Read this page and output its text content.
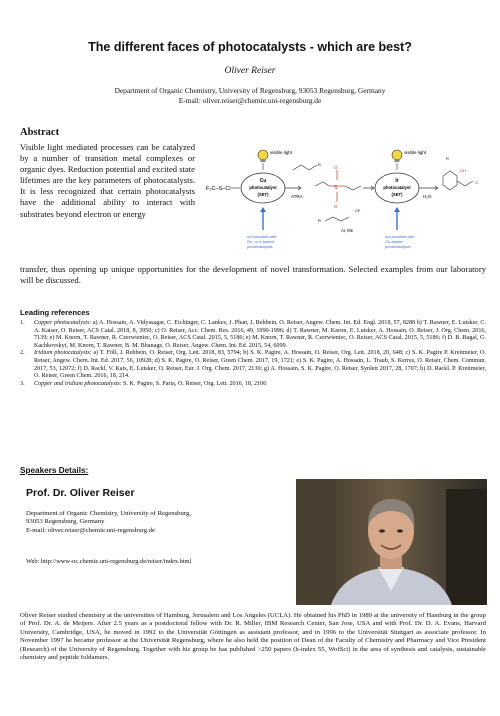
The different faces of photocatalysts - which are best?
Oliver Reiser
Department of Organic Chemistry, University of Regensburg, 93053 Regensburg, Germany
E-mail: oliver.reiser@chemie.uni-regensburg.de
Abstract
Visible light mediated processes can be catalyzed by a number of transition metal complexes or organic dyes. Reduction potential and excited state lifetimes are the key parameters of photocatalysts. It is less recognized that certain photocatalysts have the additional ability to interact with substrates beyond electron or energy
visible light	visible light
F₃C–S–Cl
Cu
photocatalyst
(SET)
R
ATRA
S
O
O
CF
R
Ar, Me
Ir
photocatalyst
(SET)	H₂O
OH
O
R
not possible with
Ru- or Ir-based
photocatalysts
not possible with
Cu-based
photocatalysts
transfer, thus opening up unique opportunities for the development of novel transformation. Selected examples from our laboratory will be discussed.
Leading references
1. Copper photocatalysts: a) A. Hossain, A. Vidyasagar, C. Eichinger, C. Lankes, J. Phan, J. Rehbein, O. Reiser, Angew. Chem. Int. Ed. Engl. 2018, 57, 8288 b) T. Rawner, E. Lutsker, C. A. Kaiser, O. Reiser, ACS Catal. 2018, 8, 3950; c) O. Reiser, Acc. Chem. Res. 2016, 49, 1990-1996; d) T. Rawner, M. Knorn, E. Lutsker, A. Hossain, O. Reiser, J. Org. Chem. 2016, 7139; e) M. Knorn, T. Rawner, R. Czerwieniec, O. Reiser, ACS Catal. 2015, 5, 5186; e) M. Knorn, T. Rawner, R. Czerwieniec, O. Reiser, ACS Catal. 2015, 5, 5186; f) D. B. Bagal, G. Kachkovskyi, M. Knorn, T. Rawner, B. M. Bhanage, O. Reiser, Angew. Chem. Int. Ed. 2015, 54, 6099.
2. Iridium photocatalysts: a) T. Föll, J. Rehbein, O. Reiser, Org. Lett. 2018, 83, 5794; b) S. K. Pagire, A. Hossain, O. Reiser, Org. Lett. 2018, 20, 648; c) S. K. Pagire P. Kreitmeier, O. Reiser, Angew. Chem. Int. Ed. 2017, 56, 10928; d) S. K. Pagire, O. Reiser, Green Chem. 2017, 19, 1721; e) S. K. Pagire, A. Hossain, L. Traub, S. Kerres, O. Reiser, Chem. Commun. 2017, 53, 12072; f) D. Rackl, V. Kais, E. Lutsker, O. Reiser, Eur. J. Org. Chem. 2017, 2130; g) A. Hossain, S. K. Pagire, O. Reiser, Synlett 2017, 28, 1707; h) D. Rackl. P. Kreitmeier, O. Reiser, Green Chem. 2016, 18, 214.
3. Copper and iridium photocatalysts: S. K. Pagire, S. Paria, O. Reiser, Org. Lett. 2016, 18, 2106
Speakers Details:
Prof. Dr. Oliver Reiser
Department of Organic Chemistry, University of Regensburg,
93053 Regensburg, Germany
E-mail: oliver.reiser@chemie.uni-regensburg.de
Web: http://www-oc.chemie.uni-regensburg.de/reiser/index.html
Oliver Reiser studied chemistry at the universities of Hamburg, Jerusalem and Los Angeles (UCLA). He obtained his PhD in 1989 at the university of Hamburg in the group of Prof. Dr. A. de Meijere. After 2.5 years as a postdoctoral fellow with Dr. R. Miller, IBM Research Center, San Jose, USA and with Prof. Dr. D. A. Evans, Harvard University, Cambridge, USA, he moved in 1992 to the Universität Göttingen as assistant professor, and in 1996 to the Universität Stuttgart as associate professor. In November 1997 he became professor at the Universität Regensburg, where he also held the position of Dean of the Faculty of Chemistry and Pharmacy and Vice President (Research) of the University of Regensburg. Together with his group he has published >250 papers (h-index 55, WofSci) in the area of synthesis and catalysis, sustainable chemistry and peptide foldamers.
